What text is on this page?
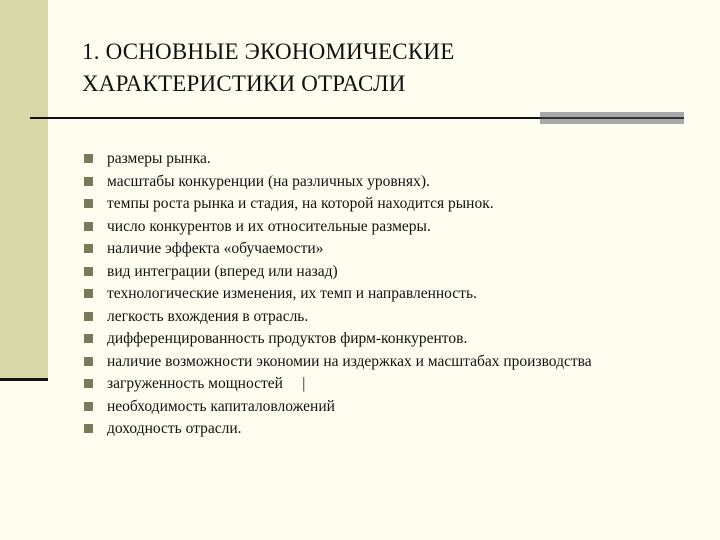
1. ОСНОВНЫЕ ЭКОНОМИЧЕСКИЕ
ХАРАКТЕРИСТИКИ ОТРАСЛИ
размеры рынка.
масштабы конкуренции (на различных уровнях).
темпы роста рынка и стадия, на которой находится рынок.
число конкурентов и их относительные размеры.
наличие эффекта «обучаемости»
вид интеграции (вперед или назад)
технологические изменения, их темп и направленность.
легкость вхождения в отрасль.
дифференцированность продуктов фирм-конкурентов.
наличие возможности экономии на издержках и масштабах производства
загруженность мощностей     |
необходимость капиталовложений
доходность отрасли.
